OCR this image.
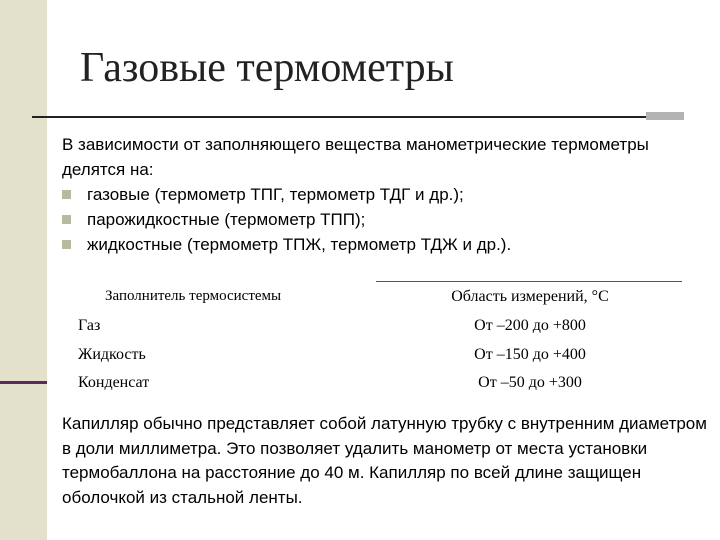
Газовые термометры
В зависимости от заполняющего вещества манометрические термометры делятся на:
газовые (термометр ТПГ, термометр ТДГ и др.);
парожидкостные (термометр ТПП);
жидкостные (термометр ТПЖ, термометр ТДЖ и др.).
Заполнитель термосистемы	Область измерений, °С
Газ	От –200 до +800
Жидкость	От –150 до +400
Конденсат	От –50 до +300
Капилляр обычно представляет собой латунную трубку с внутренним диаметром в доли миллиметра. Это позволяет удалить манометр от места установки термобаллона на расстояние до 40 м. Капилляр по всей длине защищен оболочкой из стальной ленты.
